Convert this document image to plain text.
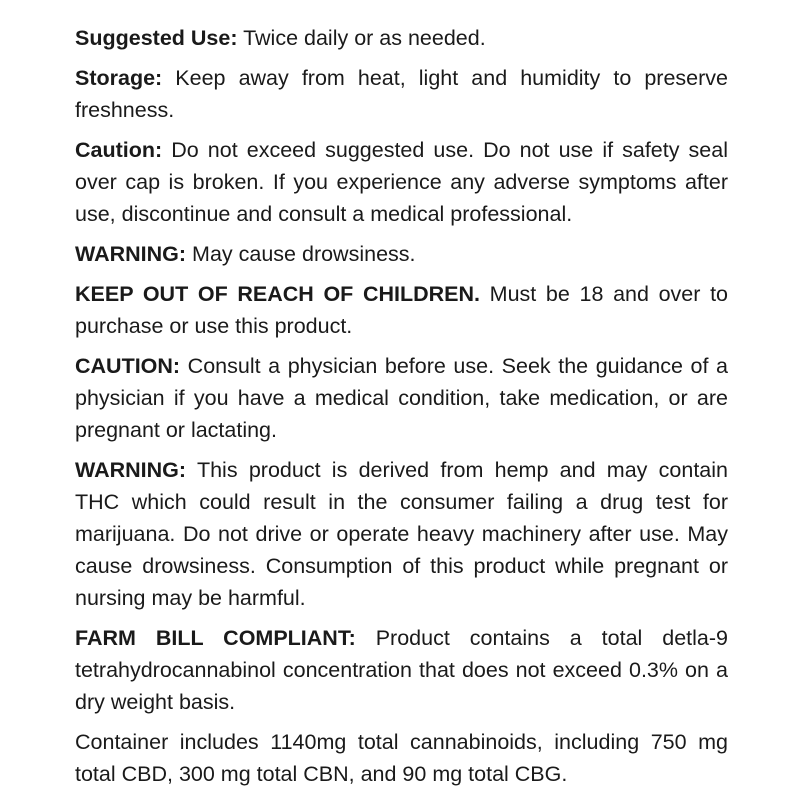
Suggested Use: Twice daily or as needed.

Storage: Keep away from heat, light and humidity to preserve freshness.

Caution: Do not exceed suggested use. Do not use if safety seal over cap is broken. If you experience any adverse symptoms after use, discontinue and consult a medical professional.

WARNING: May cause drowsiness.

KEEP OUT OF REACH OF CHILDREN. Must be 18 and over to purchase or use this product.

CAUTION: Consult a physician before use. Seek the guidance of a physician if you have a medical condition, take medication, or are pregnant or lactating.

WARNING: This product is derived from hemp and may contain THC which could result in the consumer failing a drug test for marijuana. Do not drive or operate heavy machinery after use. May cause drowsiness. Consumption of this product while pregnant or nursing may be harmful.

FARM BILL COMPLIANT: Product contains a total detla-9 tetrahydrocannabinol concentration that does not exceed 0.3% on a dry weight basis.

Container includes 1140mg total cannabinoids, including 750 mg total CBD, 300 mg total CBN, and 90 mg total CBG.
